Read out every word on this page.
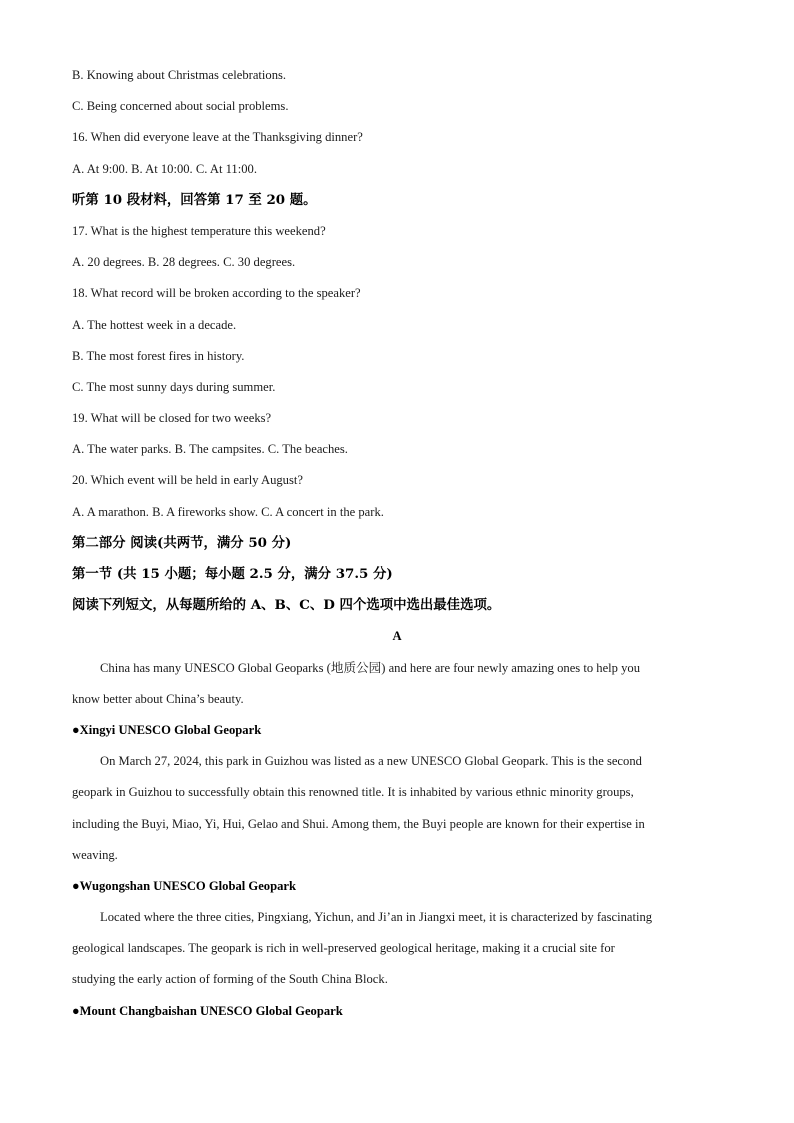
B. Knowing about Christmas celebrations.
C. Being concerned about social problems.
16. When did everyone leave at the Thanksgiving dinner?
A. At 9:00. B. At 10:00. C. At 11:00.
听第 10 段材料，回答第 17 至 20 题。
17. What is the highest temperature this weekend?
A. 20 degrees. B. 28 degrees. C. 30 degrees.
18. What record will be broken according to the speaker?
A. The hottest week in a decade.
B. The most forest fires in history.
C. The most sunny days during summer.
19. What will be closed for two weeks?
A. The water parks. B. The campsites. C. The beaches.
20. Which event will be held in early August?
A. A marathon. B. A fireworks show. C. A concert in the park.
第二部分 阅读(共两节，满分 50 分)
第一节 (共 15 小题；每小题 2.5 分，满分 37.5 分)
阅读下列短文，从每题所给的 A、B、C、D 四个选项中选出最佳选项。
A
China has many UNESCO Global Geoparks (地质公园) and here are four newly amazing ones to help you
know better about China’s beauty.
●Xingyi UNESCO Global Geopark
On March 27, 2024, this park in Guizhou was listed as a new UNESCO Global Geopark. This is the second
geopark in Guizhou to successfully obtain this renowned title. It is inhabited by various ethnic minority groups,
including the Buyi, Miao, Yi, Hui, Gelao and Shui. Among them, the Buyi people are known for their expertise in
weaving.
●Wugongshan UNESCO Global Geopark
Located where the three cities, Pingxiang, Yichun, and Ji’an in Jiangxi meet, it is characterized by fascinating
geological landscapes. The geopark is rich in well-preserved geological heritage, making it a crucial site for
studying the early action of forming of the South China Block.
●Mount Changbaishan UNESCO Global Geopark
